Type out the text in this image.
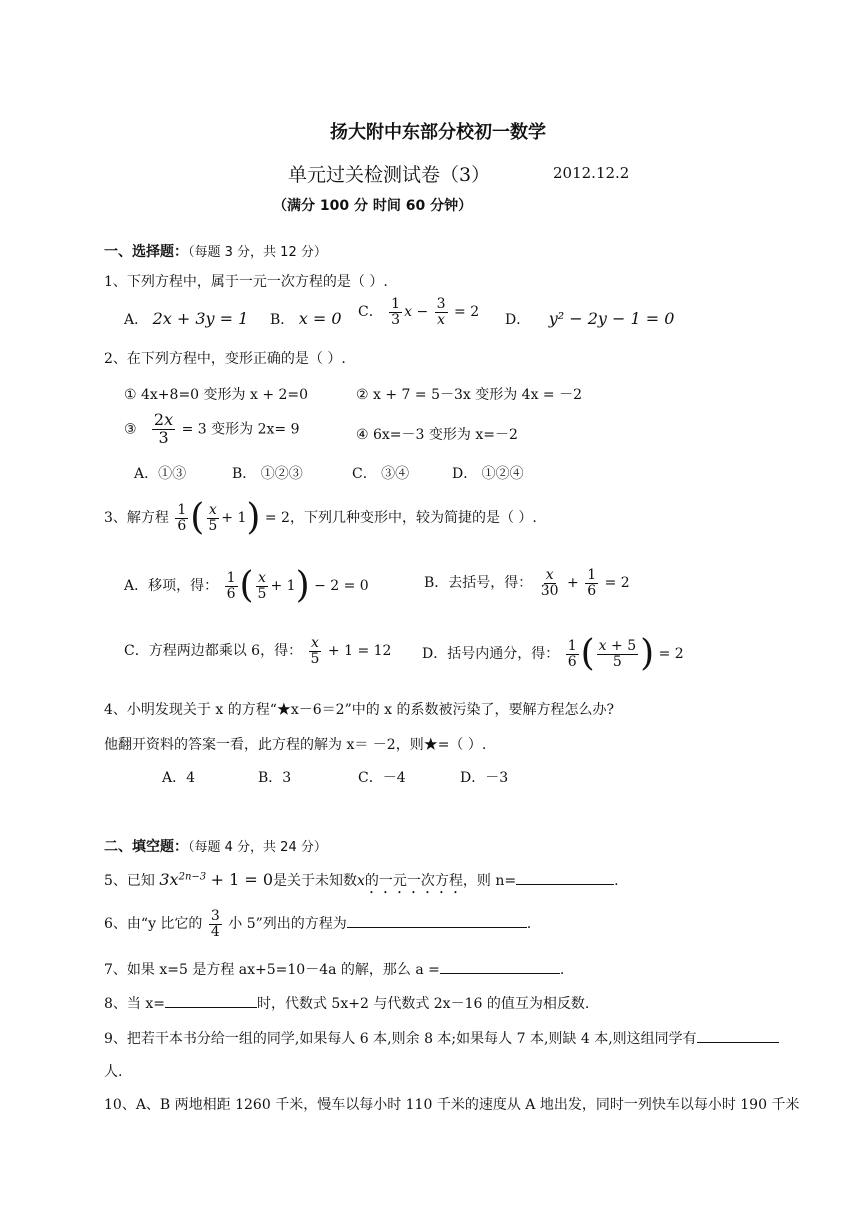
扬大附中东部分校初一数学
单元过关检测试卷（3）	2012.12.2
（满分 100 分 时间 60 分钟）
一、选择题：（每题 3 分，共 12 分）
1、下列方程中，属于一元一次方程的是（ ）.
A． 2x + 3y = 1 B． x = 0 C． $\frac{1}{3}$ $x - \frac{3}{x} = 2$ D． y² − 2y − 1 = 0
2、在下列方程中，变形正确的是（ ）.
① 4x+8=0 变形为 x + 2=0	② x + 7 = 5－3x 变形为 4x = －2
③ $\frac{2x}{3} = 3$ 变形为 2x= 9	④ 6x=－3 变形为 x=－2
A．①③	B． ①②③	C． ③④	D． ①②④
3、解方程 $\frac{1}{6}$ ( $\frac{x}{5} + 1) = 2$，下列几种变形中，较为简捷的是（ ）.
A．移项，得： $\frac{1}{6}$ ( $\frac{x}{5} + 1) - 2 = 0$	B．去括号，得： $\frac{x}{30} + \frac{1}{6} = 2$
C．方程两边都乘以 6，得： $\frac{x}{5} + 1 = 12$ D．括号内通分，得： $\frac{1}{6}$ ( $\frac{x + 5}{5}$ ) = 2
4、小明发现关于 x 的方程“★x－6＝2”中的 x 的系数被污染了，要解方程怎么办?
他翻开资料的答案一看，此方程的解为 x＝ －2，则★=（ ）.
A．4	B．3	C．－4	D．－3
二、填空题：（每题 4 分，共 24 分）
5、已知 $3x^{2n-3} + 1 = 0$是关于未知数x的一元一次方程，则 n=	.
6、由“y 比它的 $\frac{3}{4}$ 小 5”列出的方程为	.
7、如果 x=5 是方程 ax+5=10－4a 的解，那么 a =	.
8、当 x=	时，代数式 5x+2 与代数式 2x－16 的值互为相反数.
9、把若干本书分给一组的同学,如果每人 6 本,则余 8 本;如果每人 7 本,则缺 4 本,则这组同学有
人.
10、A、B 两地相距 1260 千米，慢车以每小时 110 千米的速度从 A 地出发，同时一列快车以每小时 190 千米
